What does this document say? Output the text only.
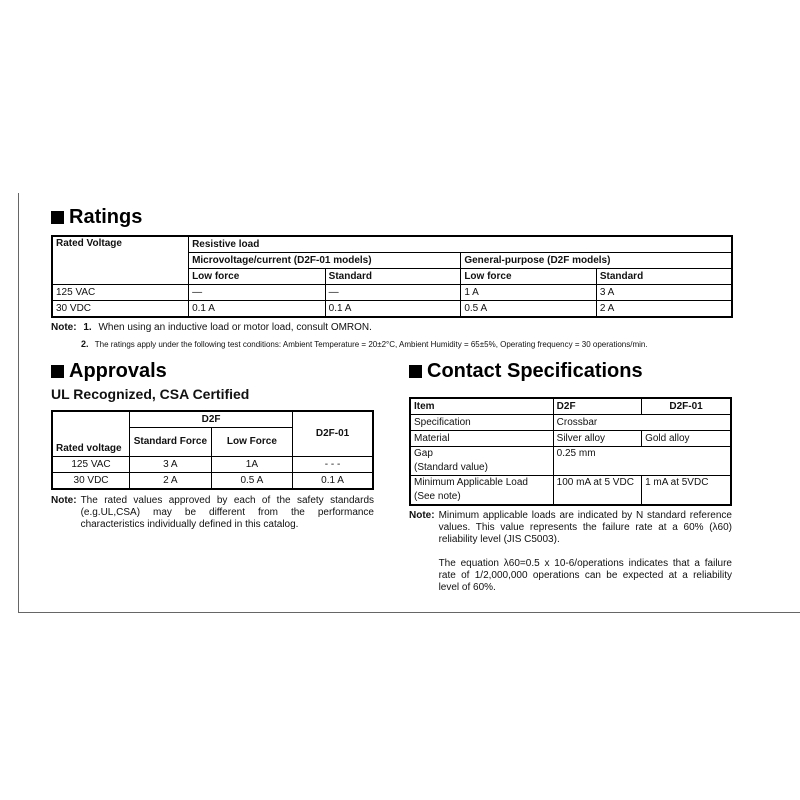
Ratings
Rated Voltage	Resistive load			
	Microvoltage/current (D2F-01 models)		General-purpose (D2F models)	
	Low force	Standard	Low force	Standard
125 VAC	—	—	1 A	3 A
30 VDC	0.1 A	0.1 A	0.5 A	2 A
Note: 1. When using an inductive load or motor load, consult OMRON.
2. The ratings apply under the following test conditions: Ambient Temperature = 20±2°C, Ambient Humidity = 65±5%, Operating frequency = 30 operations/min.
Approvals
UL Recognized, CSA Certified
Rated voltage	D2F		D2F-01
	Standard Force	Low Force	
125 VAC	3 A	1A	- - -
30 VDC	2 A	0.5 A	0.1 A
Note: The rated values approved by each of the safety standards (e.g.UL,CSA) may be different from the performance characteristics individually defined in this catalog.
Contact Specifications
Item	D2F	D2F-01
Specification	Crossbar	
Material	Silver alloy	Gold alloy

Gap
(Standard value)	0.25 mm	

Minimum Applicable Load
(See note)	100 mA at 5 VDC	1 mA at 5VDC
Note: Minimum applicable loads are indicated by N standard reference values. This value represents the failure rate at a 60% (λ60) reliability level (JIS C5003).
The equation λ60=0.5 x 10-6/operations indicates that a failure rate of 1/2,000,000 operations can be expected at a reliability level of 60%.
